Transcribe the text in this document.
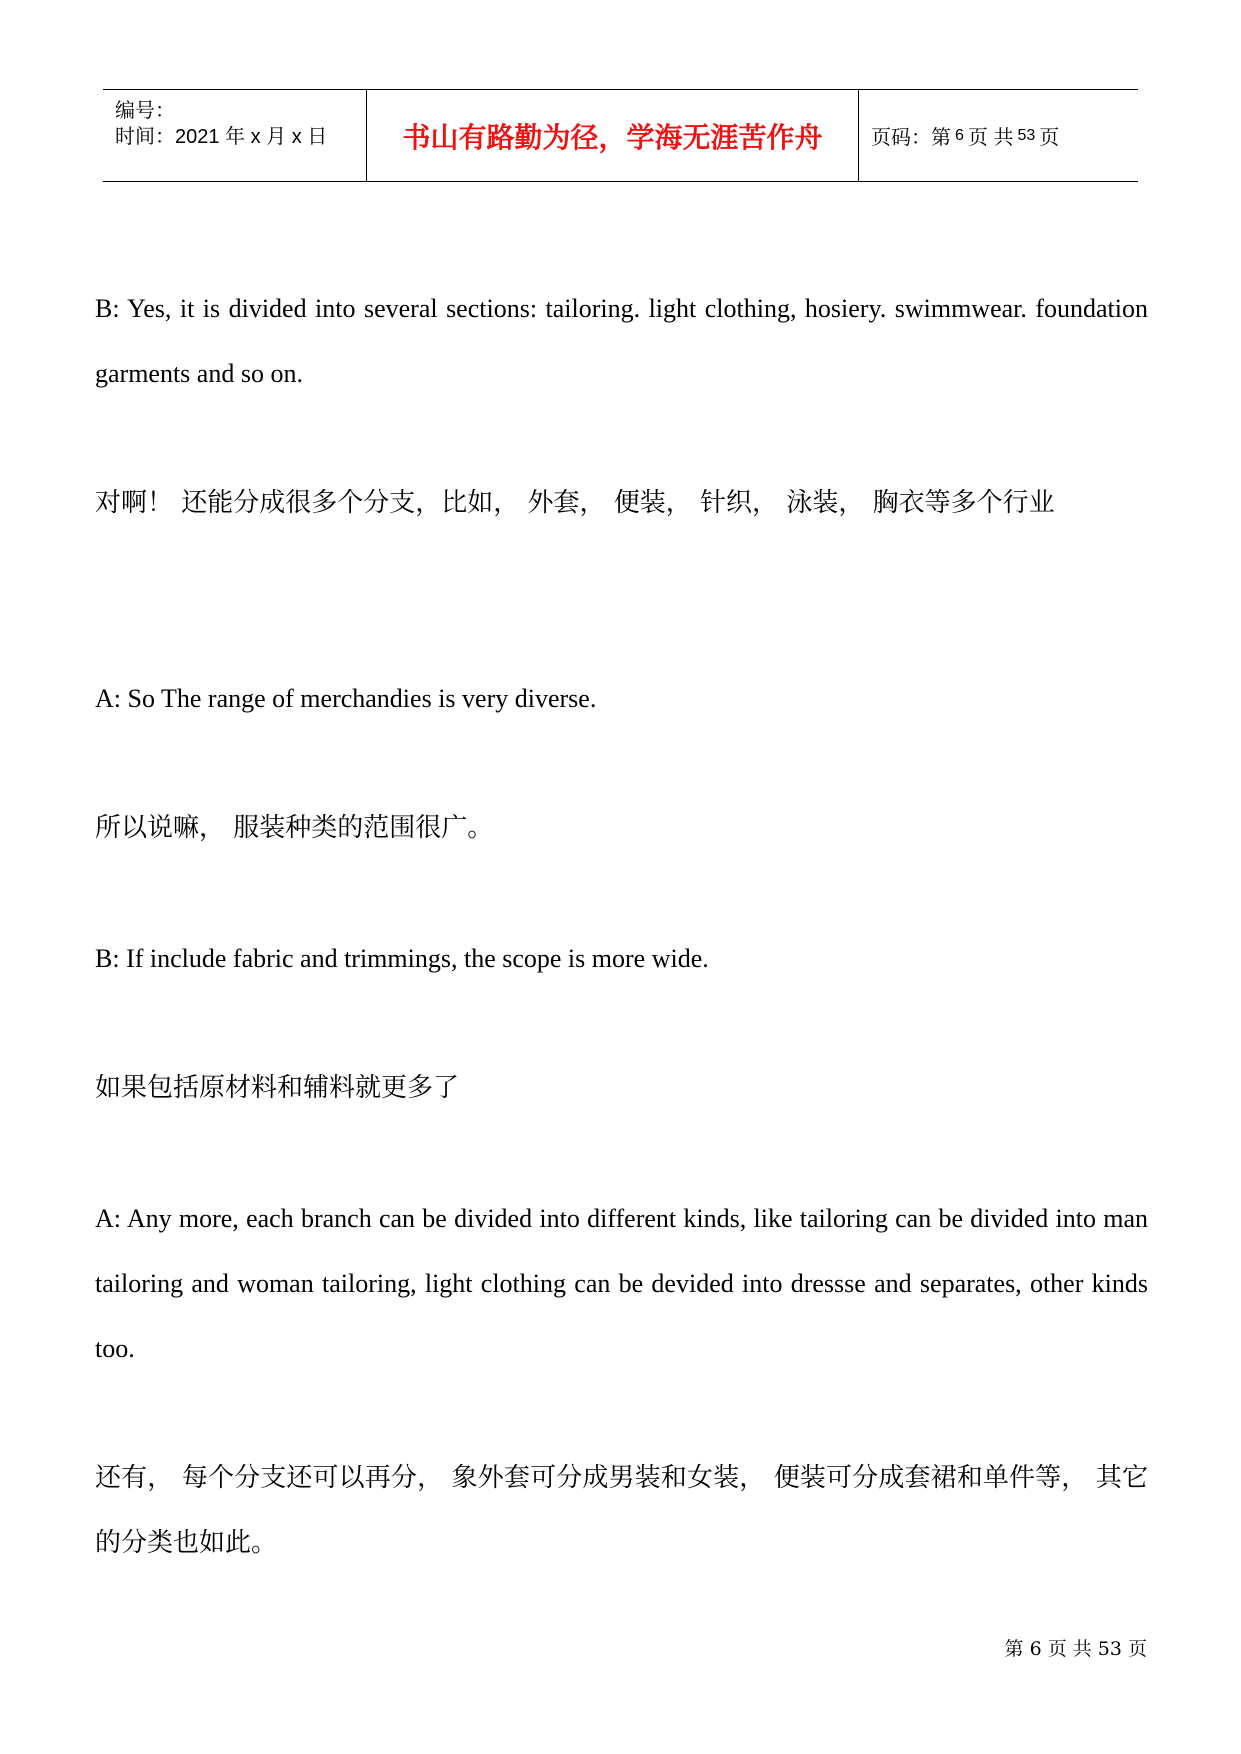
编号：
时间：2021 年 x 月 x 日	书山有路勤为径，学海无涯苦作舟 页码：第 6 页 共 53 页

B: Yes, it is divided into several sections: tailoring. light clothing, hosiery. swimmwear. foundation garments and so on.

对啊！ 还能分成很多个分支，比如， 外套， 便装， 针织， 泳装， 胸衣等多个行业

A: So The range of merchandies is very diverse.

所以说嘛， 服装种类的范围很广。

B: If include fabric and trimmings, the scope is more wide.

如果包括原材料和辅料就更多了

A: Any more, each branch can be divided into different kinds, like tailoring can be divided into man tailoring and woman tailoring, light clothing can be devided into dressse and separates, other kinds too.

还有， 每个分支还可以再分， 象外套可分成男装和女装， 便装可分成套裙和单件等， 其它的分类也如此。

第 6 页 共 53 页
